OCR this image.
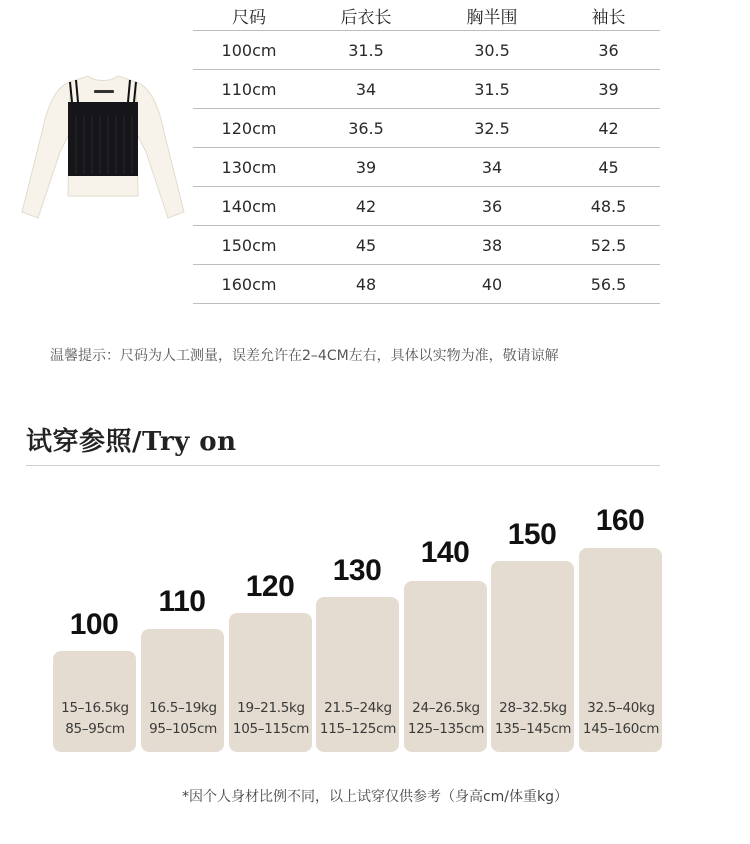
尺码	后衣长	胸半围	袖长
100cm	31.5	30.5	36
110cm	34	31.5	39
120cm	36.5	32.5	42
130cm	39	34	45
140cm	42	36	48.5
150cm	45	38	52.5
160cm	48	40	56.5
温馨提示：尺码为人工测量，误差允许在2–4CM左右，具体以实物为准，敬请谅解
试穿参照/Try on
100
15–16.5kg
85–95cm
110
16.5–19kg
95–105cm
120
19–21.5kg
105–115cm
130
21.5–24kg
115–125cm
140
24–26.5kg
125–135cm
150
28–32.5kg
135–145cm
160
32.5–40kg
145–160cm
*因个人身材比例不同，以上试穿仅供参考（身高cm/体重kg）
